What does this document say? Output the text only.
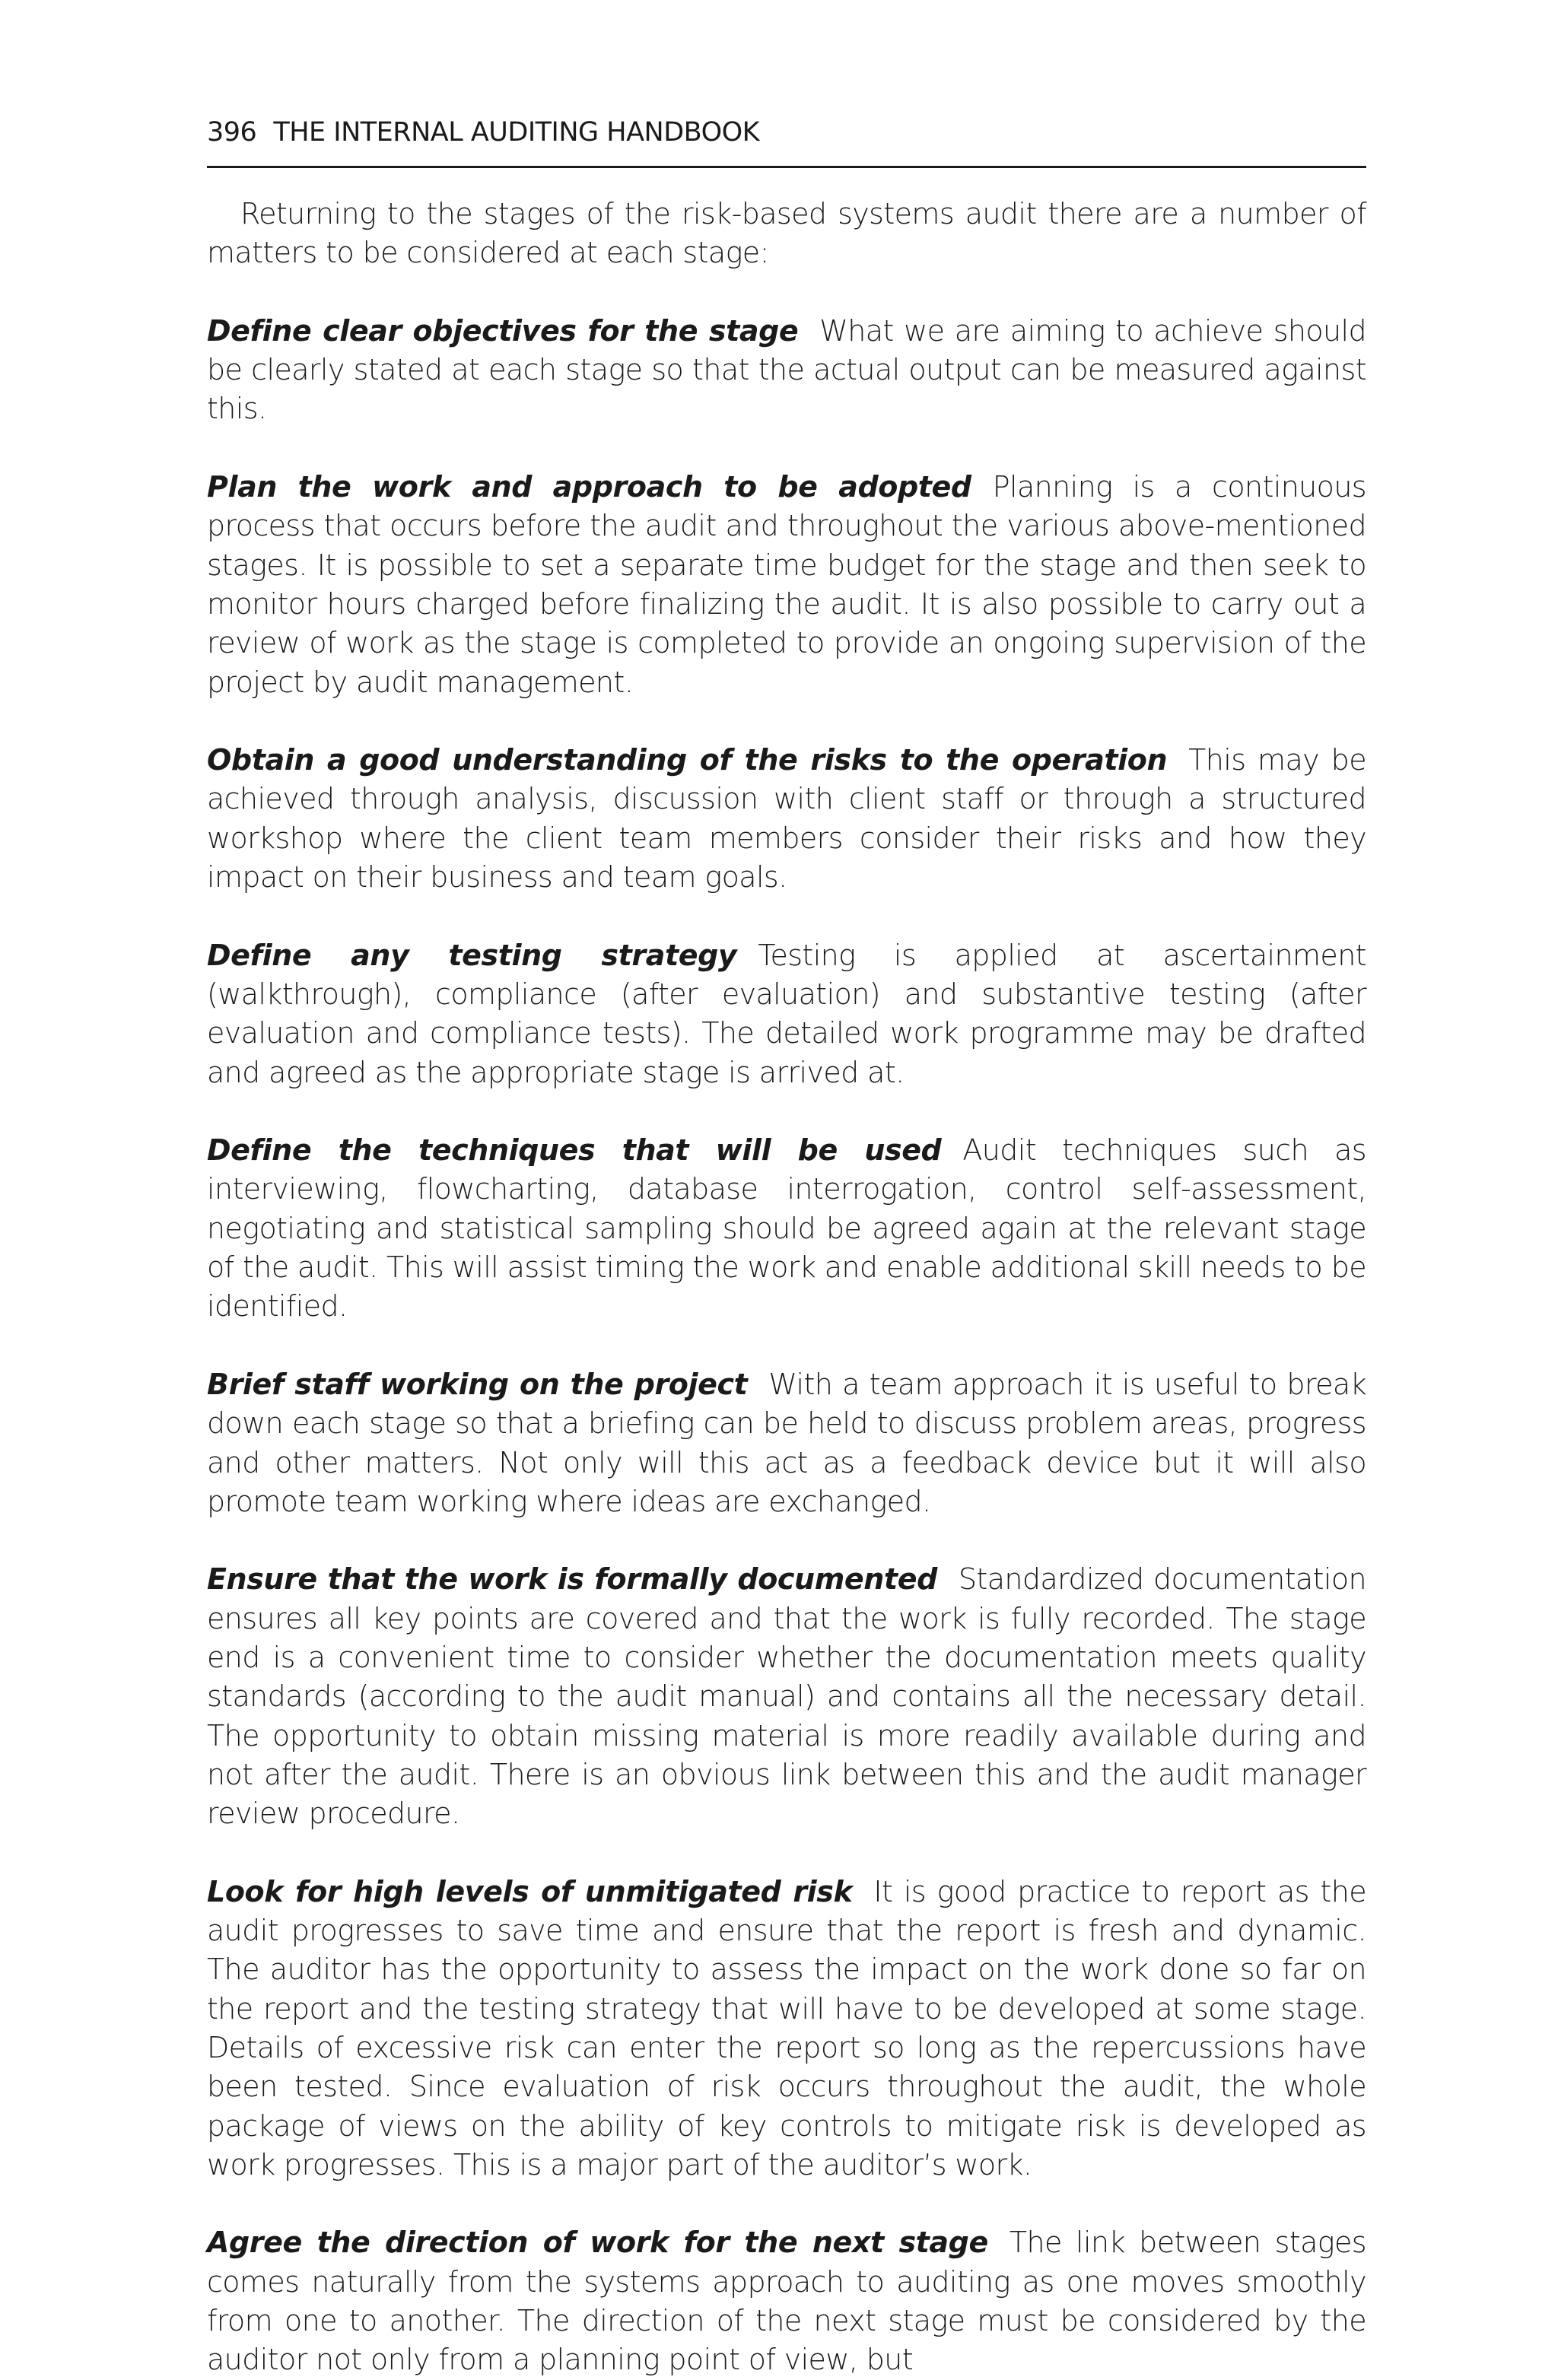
396 THE INTERNAL AUDITING HANDBOOK

Returning to the stages of the risk-based systems audit there are a number of matters to be considered at each stage:

Define clear objectives for the stage What we are aiming to achieve should be clearly stated at each stage so that the actual output can be measured against this.

Plan the work and approach to be adopted Planning is a continuous process that occurs before the audit and throughout the various above-mentioned stages. It is possible to set a separate time budget for the stage and then seek to monitor hours charged before finalizing the audit. It is also possible to carry out a review of work as the stage is completed to provide an ongoing supervision of the project by audit management.

Obtain a good understanding of the risks to the operation This may be achieved through analysis, discussion with client staff or through a structured workshop where the client team members consider their risks and how they impact on their business and team goals.

Define any testing strategy Testing is applied at ascertainment (walkthrough), compliance (after evaluation) and substantive testing (after evaluation and compliance tests). The detailed work programme may be drafted and agreed as the appropriate stage is arrived at.

Define the techniques that will be used Audit techniques such as interviewing, flowcharting, database interrogation, control self-assessment, negotiating and statistical sampling should be agreed again at the relevant stage of the audit. This will assist timing the work and enable additional skill needs to be identified.

Brief staff working on the project With a team approach it is useful to break down each stage so that a briefing can be held to discuss problem areas, progress and other matters. Not only will this act as a feedback device but it will also promote team working where ideas are exchanged.

Ensure that the work is formally documented Standardized documentation ensures all key points are covered and that the work is fully recorded. The stage end is a convenient time to consider whether the documentation meets quality standards (according to the audit manual) and contains all the necessary detail. The opportunity to obtain missing material is more readily available during and not after the audit. There is an obvious link between this and the audit manager review procedure.

Look for high levels of unmitigated risk It is good practice to report as the audit progresses to save time and ensure that the report is fresh and dynamic. The auditor has the opportunity to assess the impact on the work done so far on the report and the testing strategy that will have to be developed at some stage. Details of excessive risk can enter the report so long as the repercussions have been tested. Since evaluation of risk occurs throughout the audit, the whole package of views on the ability of key controls to mitigate risk is developed as work progresses. This is a major part of the auditor’s work.

Agree the direction of work for the next stage The link between stages comes naturally from the systems approach to auditing as one moves smoothly from one to another. The direction of the next stage must be considered by the auditor not only from a planning point of view, but
